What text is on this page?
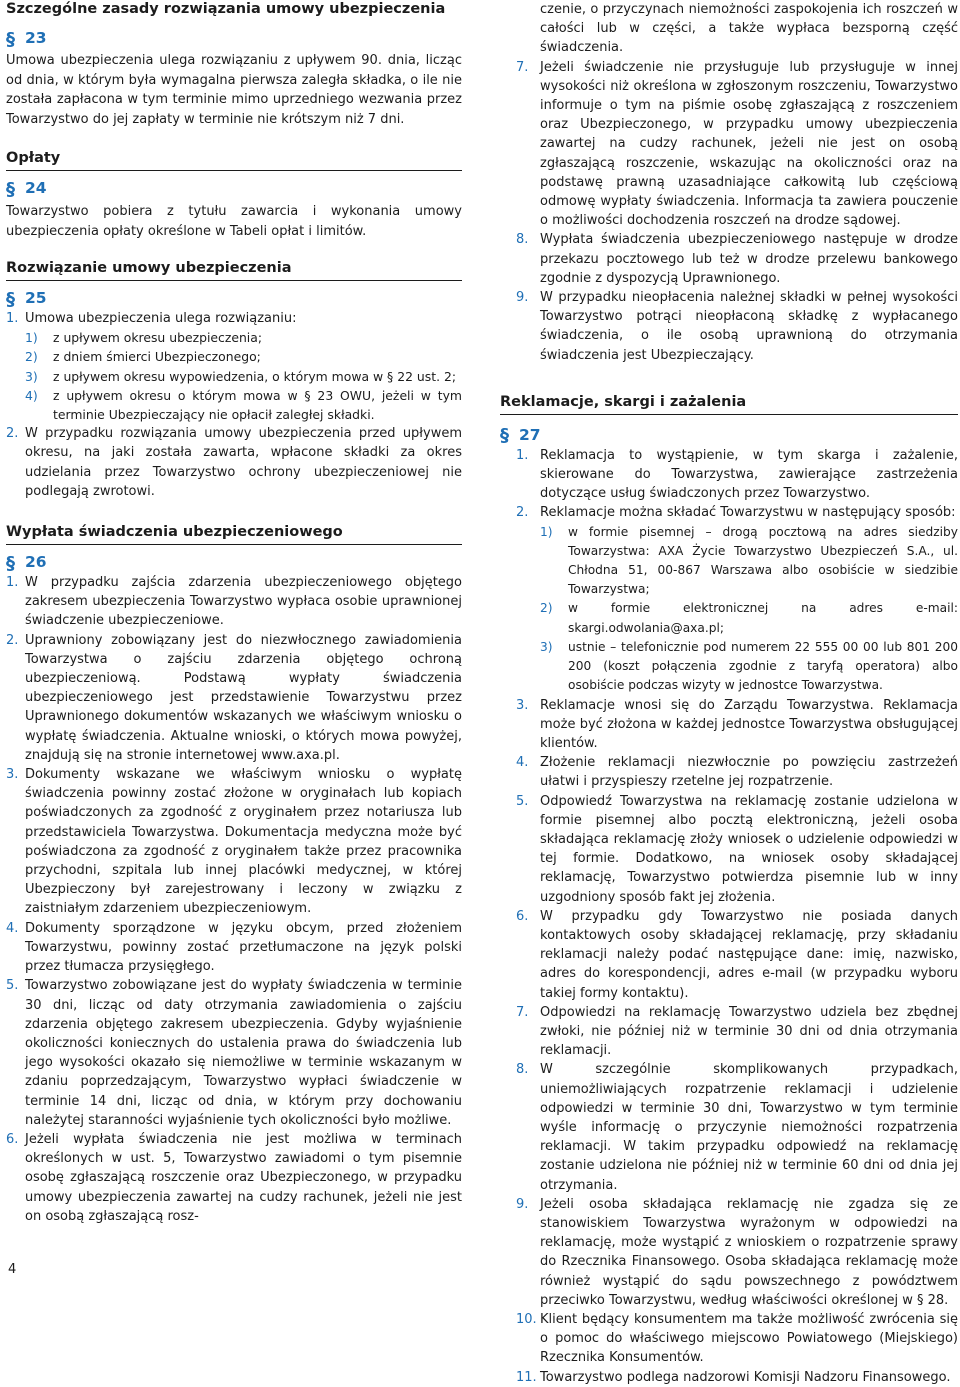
Szczególne zasady rozwiązania umowy ubezpieczenia
§ 23

Umowa ubezpieczenia ulega rozwiązaniu z upływem 90. dnia, licząc od dnia, w którym była wymagalna pierwsza zaległa składka, o ile nie została zapłacona w tym terminie mimo uprzedniego wezwania przez Towarzystwo do jej zapłaty w terminie nie krótszym niż 7 dni.

Opłaty
§ 24

Towarzystwo pobiera z tytułu zawarcia i wykonania umowy ubezpieczenia opłaty określone w Tabeli opłat i limitów.

Rozwiązanie umowy ubezpieczenia
§ 25
1. Umowa ubezpieczenia ulega rozwiązaniu:
1) z upływem okresu ubezpieczenia;
2) z dniem śmierci Ubezpieczonego;
3) z upływem okresu wypowiedzenia, o którym mowa w § 22 ust. 2;
4) z upływem okresu o którym mowa w § 23 OWU, jeżeli w tym terminie Ubezpieczający nie opłacił zaległej składki.
2. W przypadku rozwiązania umowy ubezpieczenia przed upływem okresu, na jaki została zawarta, wpłacone składki za okres udzielania przez Towarzystwo ochrony ubezpieczeniowej nie podlegają zwrotowi.
Wypłata świadczenia ubezpieczeniowego
§ 26
1. W przypadku zajścia zdarzenia ubezpieczeniowego objętego zakresem ubezpieczenia Towarzystwo wypłaca osobie uprawnionej świadczenie ubezpieczeniowe.
2. Uprawniony zobowiązany jest do niezwłocznego zawiadomienia Towarzystwa o zajściu zdarzenia objętego ochroną ubezpieczeniową. Podstawą wypłaty świadczenia ubezpieczeniowego jest przedstawienie Towarzystwu przez Uprawnionego dokumentów wskazanych we właściwym wniosku o wypłatę świadczenia. Aktualne wnioski, o których mowa powyżej, znajdują się na stronie internetowej www.axa.pl.
3. Dokumenty wskazane we właściwym wniosku o wypłatę świadczenia powinny zostać złożone w oryginałach lub kopiach poświadczonych za zgodność z oryginałem przez notariusza lub przedstawiciela Towarzystwa. Dokumentacja medyczna może być poświadczona za zgodność z oryginałem także przez pracownika przychodni, szpitala lub innej placówki medycznej, w której Ubezpieczony był zarejestrowany i leczony w związku z zaistniałym zdarzeniem ubezpieczeniowym.
4. Dokumenty sporządzone w języku obcym, przed złożeniem Towarzystwu, powinny zostać przetłumaczone na język polski przez tłumacza przysięgłego.
5. Towarzystwo zobowiązane jest do wypłaty świadczenia w terminie 30 dni, licząc od daty otrzymania zawiadomienia o zajściu zdarzenia objętego zakresem ubezpieczenia. Gdyby wyjaśnienie okoliczności koniecznych do ustalenia prawa do świadczenia lub jego wysokości okazało się niemożliwe w terminie wskazanym w zdaniu poprzedzającym, Towarzystwo wypłaci świadczenie w terminie 14 dni, licząc od dnia, w którym przy dochowaniu należytej staranności wyjaśnienie tych okoliczności było możliwe.
6. Jeżeli wypłata świadczenia nie jest możliwa w terminach określonych w ust. 5, Towarzystwo zawiadomi o tym pisemnie osobę zgłaszającą roszczenie oraz Ubezpieczonego, w przypadku umowy ubezpieczenia zawartej na cudzy rachunek, jeżeli nie jest on osobą zgłaszającą rosz-
czenie, o przyczynach niemożności zaspokojenia ich roszczeń w całości lub w części, a także wypłaca bezsporną część świadczenia.
7. Jeżeli świadczenie nie przysługuje lub przysługuje w innej wysokości niż określona w zgłoszonym roszczeniu, Towarzystwo informuje o tym na piśmie osobę zgłaszającą z roszczeniem oraz Ubezpieczonego, w przypadku umowy ubezpieczenia zawartej na cudzy rachunek, jeżeli nie jest on osobą zgłaszającą roszczenie, wskazując na okoliczności oraz na podstawę prawną uzasadniające całkowitą lub częściową odmowę wypłaty świadczenia. Informacja ta zawiera pouczenie o możliwości dochodzenia roszczeń na drodze sądowej.
8. Wypłata świadczenia ubezpieczeniowego następuje w drodze przekazu pocztowego lub też w drodze przelewu bankowego zgodnie z dyspozycją Uprawnionego.
9. W przypadku nieopłacenia należnej składki w pełnej wysokości Towarzystwo potrąci nieopłaconą składkę z wypłacanego świadczenia, o ile osobą uprawnioną do otrzymania świadczenia jest Ubezpieczający.
Reklamacje, skargi i zażalenia
§ 27
1. Reklamacja to wystąpienie, w tym skarga i zażalenie, skierowane do Towarzystwa, zawierające zastrzeżenia dotyczące usług świadczonych przez Towarzystwo.
2. Reklamacje można składać Towarzystwu w następujący sposób:
1) w formie pisemnej – drogą pocztową na adres siedziby Towarzystwa: AXA Życie Towarzystwo Ubezpieczeń S.A., ul. Chłodna 51, 00-867 Warszawa albo osobiście w siedzibie Towarzystwa;
2) w formie elektronicznej na adres e-mail: skargi.odwolania@axa.pl;
3) ustnie – telefonicznie pod numerem 22 555 00 00 lub 801 200 200 (koszt połączenia zgodnie z taryfą operatora) albo osobiście podczas wizyty w jednostce Towarzystwa.
3. Reklamacje wnosi się do Zarządu Towarzystwa. Reklamacja może być złożona w każdej jednostce Towarzystwa obsługującej klientów.
4. Złożenie reklamacji niezwłocznie po powzięciu zastrzeżeń ułatwi i przyspieszy rzetelne jej rozpatrzenie.
5. Odpowiedź Towarzystwa na reklamację zostanie udzielona w formie pisemnej albo pocztą elektroniczną, jeżeli osoba składająca reklamację złoży wniosek o udzielenie odpowiedzi w tej formie. Dodatkowo, na wniosek osoby składającej reklamację, Towarzystwo potwierdza pisemnie lub w inny uzgodniony sposób fakt jej złożenia.
6. W przypadku gdy Towarzystwo nie posiada danych kontaktowych osoby składającej reklamację, przy składaniu reklamacji należy podać następujące dane: imię, nazwisko, adres do korespondencji, adres e-mail (w przypadku wyboru takiej formy kontaktu).
7. Odpowiedzi na reklamację Towarzystwo udziela bez zbędnej zwłoki, nie później niż w terminie 30 dni od dnia otrzymania reklamacji.
8. W szczególnie skomplikowanych przypadkach, uniemożliwiających rozpatrzenie reklamacji i udzielenie odpowiedzi w terminie 30 dni, Towarzystwo w tym terminie wyśle informację o przyczynie niemożności rozpatrzenia reklamacji. W takim przypadku odpowiedź na reklamację zostanie udzielona nie później niż w terminie 60 dni od dnia jej otrzymania.
9. Jeżeli osoba składająca reklamację nie zgadza się ze stanowiskiem Towarzystwa wyrażonym w odpowiedzi na reklamację, może wystąpić z wnioskiem o rozpatrzenie sprawy do Rzecznika Finansowego. Osoba składająca reklamację może również wystąpić do sądu powszechnego z powództwem przeciwko Towarzystwu, według właściwości określonej w § 28.
10. Klient będący konsumentem ma także możliwość zwrócenia się o pomoc do właściwego miejscowo Powiatowego (Miejskiego) Rzecznika Konsumentów.
11. Towarzystwo podlega nadzorowi Komisji Nadzoru Finansowego.
4
